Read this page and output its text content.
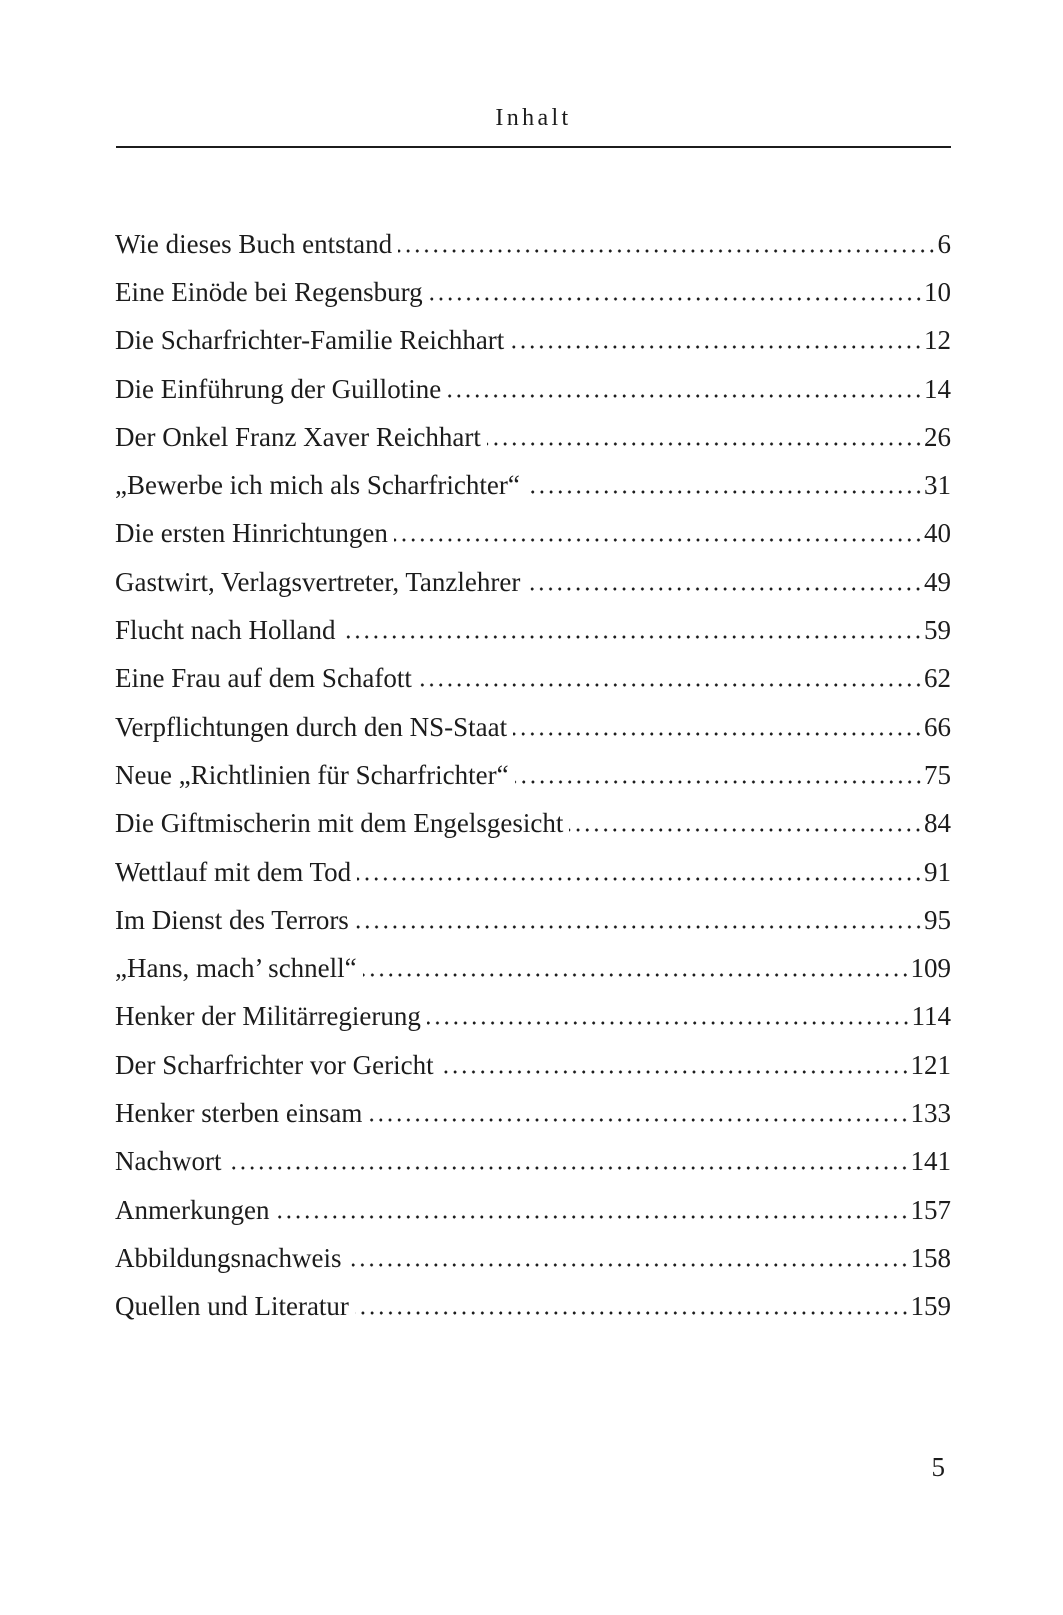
Inhalt
Wie dieses Buch entstand	6
Eine Einöde bei Regensburg	10
Die Scharfrichter-Familie Reichhart	12
Die Einführung der Guillotine	14
Der Onkel Franz Xaver Reichhart	26
„Bewerbe ich mich als Scharfrichter“	31
Die ersten Hinrichtungen	40
Gastwirt, Verlagsvertreter, Tanzlehrer	49
Flucht nach Holland	59
Eine Frau auf dem Schafott	62
Verpflichtungen durch den NS-Staat	66
Neue „Richtlinien für Scharfrichter“	75
Die Giftmischerin mit dem Engelsgesicht	84
Wettlauf mit dem Tod	91
Im Dienst des Terrors	95
„Hans, mach’ schnell“	109
Henker der Militärregierung	114
Der Scharfrichter vor Gericht	121
Henker sterben einsam	133
Nachwort	141
Anmerkungen	157
Abbildungsnachweis	158
Quellen und Literatur	159
5
